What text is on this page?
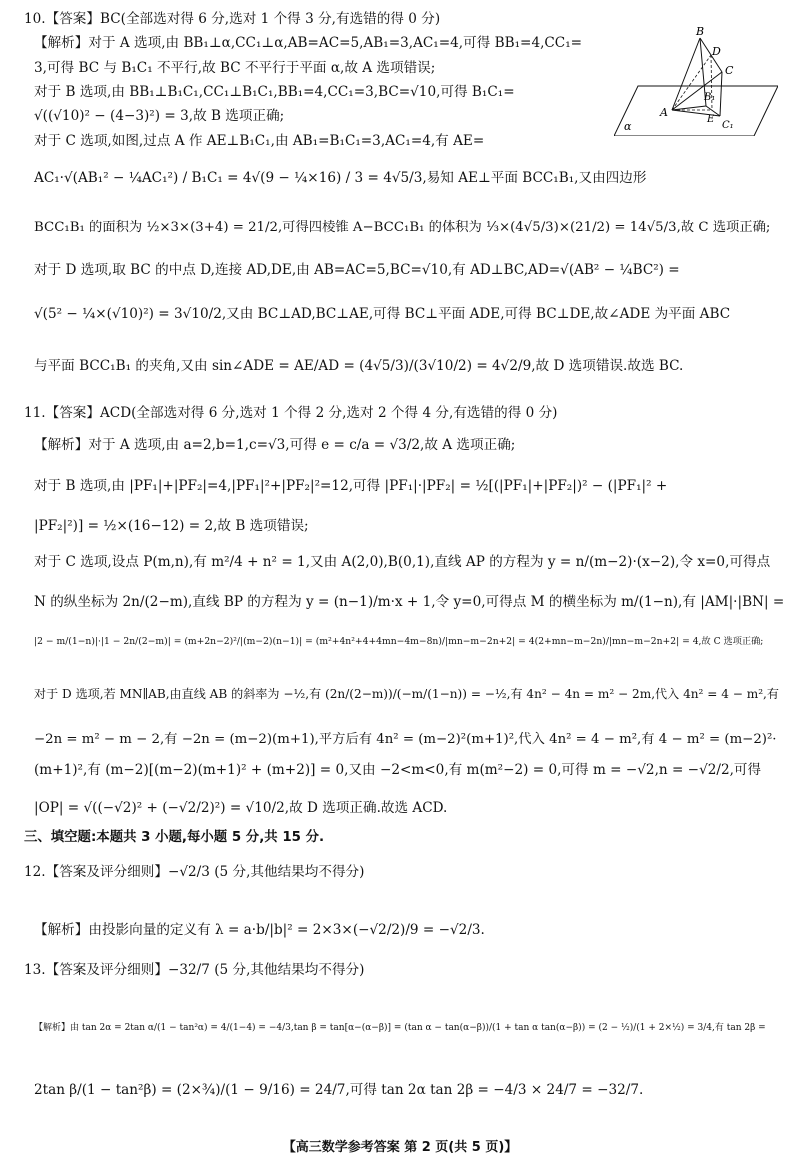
10.【答案】BC(全部选对得 6 分,选对 1 个得 3 分,有选错的得 0 分)
【解析】对于 A 选项,由 BB₁⊥α,CC₁⊥α,AB=AC=5,AB₁=3,AC₁=4,可得 BB₁=4,CC₁=
3,可得 BC 与 B₁C₁ 不平行,故 BC 不平行于平面 α,故 A 选项错误;
对于 B 选项,由 BB₁⊥B₁C₁,CC₁⊥B₁C₁,BB₁=4,CC₁=3,BC=√10,可得 B₁C₁=
√((√10)² − (4−3)²) = 3,故 B 选项正确;
对于 C 选项,如图,过点 A 作 AE⊥B₁C₁,由 AB₁=B₁C₁=3,AC₁=4,有 AE=
AC₁·√(AB₁² − ¼AC₁²) / B₁C₁ = 4√(9 − ¼×16) / 3 = 4√5/3,易知 AE⊥平面 BCC₁B₁,又由四边形
BCC₁B₁ 的面积为 ½×3×(3+4) = 21/2,可得四棱锥 A−BCC₁B₁ 的体积为 ⅓×(4√5/3)×(21/2) = 14√5/3,故 C 选项正确;
对于 D 选项,取 BC 的中点 D,连接 AD,DE,由 AB=AC=5,BC=√10,有 AD⊥BC,AD=√(AB² − ¼BC²) =
√(5² − ¼×(√10)²) = 3√10/2,又由 BC⊥AD,BC⊥AE,可得 BC⊥平面 ADE,可得 BC⊥DE,故∠ADE 为平面 ABC
与平面 BCC₁B₁ 的夹角,又由 sin∠ADE = AE/AD = (4√5/3)/(3√10/2) = 4√2/9,故 D 选项错误.故选 BC.
B
D
C
A
E
B₁
C₁
α
11.【答案】ACD(全部选对得 6 分,选对 1 个得 2 分,选对 2 个得 4 分,有选错的得 0 分)
【解析】对于 A 选项,由 a=2,b=1,c=√3,可得 e = c/a = √3/2,故 A 选项正确;
对于 B 选项,由 |PF₁|+|PF₂|=4,|PF₁|²+|PF₂|²=12,可得 |PF₁|·|PF₂| = ½[(|PF₁|+|PF₂|)² − (|PF₁|² +
|PF₂|²)] = ½×(16−12) = 2,故 B 选项错误;
对于 C 选项,设点 P(m,n),有 m²/4 + n² = 1,又由 A(2,0),B(0,1),直线 AP 的方程为 y = n/(m−2)·(x−2),令 x=0,可得点
N 的纵坐标为 2n/(2−m),直线 BP 的方程为 y = (n−1)/m·x + 1,令 y=0,可得点 M 的横坐标为 m/(1−n),有 |AM|·|BN| =
|2 − m/(1−n)|·|1 − 2n/(2−m)| = (m+2n−2)²/|(m−2)(n−1)| = (m²+4n²+4+4mn−4m−8n)/|mn−m−2n+2| = 4(2+mn−m−2n)/|mn−m−2n+2| = 4,故 C 选项正确;
对于 D 选项,若 MN∥AB,由直线 AB 的斜率为 −½,有 (2n/(2−m))/(−m/(1−n)) = −½,有 4n² − 4n = m² − 2m,代入 4n² = 4 − m²,有
−2n = m² − m − 2,有 −2n = (m−2)(m+1),平方后有 4n² = (m−2)²(m+1)²,代入 4n² = 4 − m²,有 4 − m² = (m−2)²·
(m+1)²,有 (m−2)[(m−2)(m+1)² + (m+2)] = 0,又由 −2<m<0,有 m(m²−2) = 0,可得 m = −√2,n = −√2/2,可得
|OP| = √((−√2)² + (−√2/2)²) = √10/2,故 D 选项正确.故选 ACD.
三、填空题:本题共 3 小题,每小题 5 分,共 15 分.
12.【答案及评分细则】−√2/3 (5 分,其他结果均不得分)
【解析】由投影向量的定义有 λ = a·b/|b|² = 2×3×(−√2/2)/9 = −√2/3.
13.【答案及评分细则】−32/7 (5 分,其他结果均不得分)
【解析】由 tan 2α = 2tan α/(1 − tan²α) = 4/(1−4) = −4/3,tan β = tan[α−(α−β)] = (tan α − tan(α−β))/(1 + tan α tan(α−β)) = (2 − ½)/(1 + 2×½) = 3/4,有 tan 2β =
2tan β/(1 − tan²β) = (2×¾)/(1 − 9/16) = 24/7,可得 tan 2α tan 2β = −4/3 × 24/7 = −32/7.
【高三数学参考答案 第 2 页(共 5 页)】
